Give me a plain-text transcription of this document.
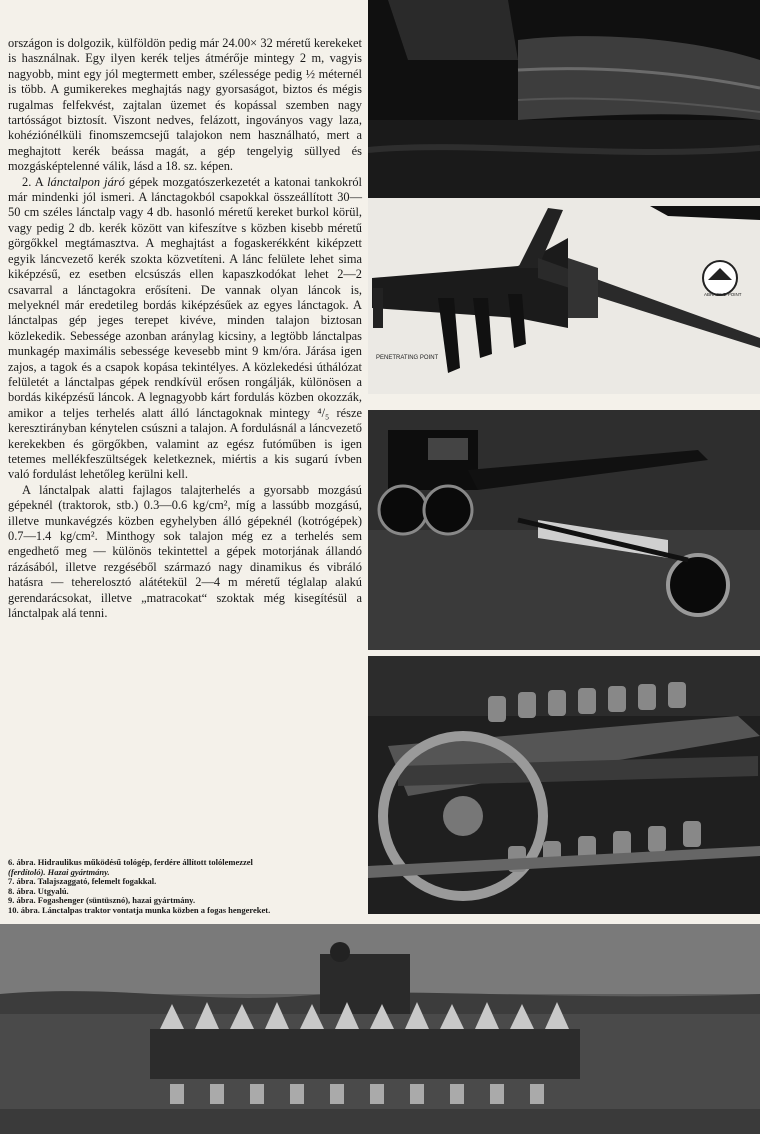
országon is dolgozik, külföldön pedig már 24.00× 32 méretű kerekeket is használnak. Egy ilyen kerék teljes átmérője mintegy 2 m, vagyis nagyobb, mint egy jól megtermett ember, szélessége pedig ½ méternél is több. A gumikerekes meghajtás nagy gyorsaságot, biztos és mégis rugalmas felfekvést, zajtalan üzemet és kopással szemben nagy tartósságot biztosít. Viszont nedves, felázott, ingoványos vagy laza, kohéziónélküli finomszemcsejű talajokon nem használható, mert a meghajtott kerék beássa magát, a gép tengelyig süllyed és mozgásképtelenné válik, lásd a 18. sz. képen.

2. A lánctalpon járó gépek mozgatószerkezetét a katonai tankokról már mindenki jól ismeri. A lánctagokból csapokkal összeállított 30—50 cm széles lánctalp vagy 4 db. hasonló méretű kereket burkol körül, vagy pedig 2 db. kerék között van kifeszítve s közben kisebb méretű görgőkkel megtámasztva. A meghajtást a fogaskerékként kiképzett egyik láncvezető kerék szokta közvetíteni. A lánc felülete lehet sima kiképzésű, ez esetben elcsúszás ellen kapaszkodókat lehet 2—2 csavarral a lánctagokra erősíteni. De vannak olyan láncok is, melyeknél már eredetileg bordás kiképzésűek az egyes lánctagok. A lánctalpas gép jeges terepet kivéve, minden talajon biztosan közlekedik. Sebessége azonban aránylag kicsiny, a legtöbb lánctalpas munkagép maximális sebessége kevesebb mint 9 km/óra. Járása igen zajos, a tagok és a csapok kopása tekintélyes. A közlekedési úthálózat felületét a lánctalpas gépek rendkívül erősen rongálják, különösen a bordás kiképzésű láncok. A legnagyobb kárt fordulás közben okozzák, amikor a teljes terhelés alatt álló lánctagoknak mintegy ⁴/₅ része keresztirányban kénytelen csúszni a talajon. A fordulásnál a láncvezető kerekekben és görgőkben, valamint az egész futóműben is igen tetemes mellékfeszültségek keletkeznek, miértis a kis sugarú ívben való fordulást lehetőleg kerülni kell.

A lánctalpak alatti fajlagos talajterhelés a gyorsabb mozgású gépeknél (traktorok, stb.) 0.3—0.6 kg/cm², míg a lassúbb mozgású, illetve munkavégzés közben egyhelyben álló gépeknél (kotrógépek) 0.7—1.4 kg/cm². Minthogy sok talajon még ez a terhelés sem engedhető meg — különös tekintettel a gépek motorjának állandó rázásából, illetve rezgéséből származó nagy dinamikus és vibráló hatásra — teherelosztó alátétekül 2—4 m méretű téglalap alakú gerendarácsokat, illetve „matracokat“ szoktak még kisegítésül a lánctalpak alá tenni.

6. ábra. Hidraulikus működésű tológép, ferdére állított tolólemezzel
(ferdítoló). Hazai gyártmány.
7. ábra. Talajszaggató, felemelt fogakkal.
8. ábra. Utgyalú.
9. ábra. Fogashenger (süntüsznó), hazai gyártmány.
10. ábra. Lánctalpas traktor vontatja munka közben a fogas hengereket.
PENETRATING POINT
ABRASIVE POINT
